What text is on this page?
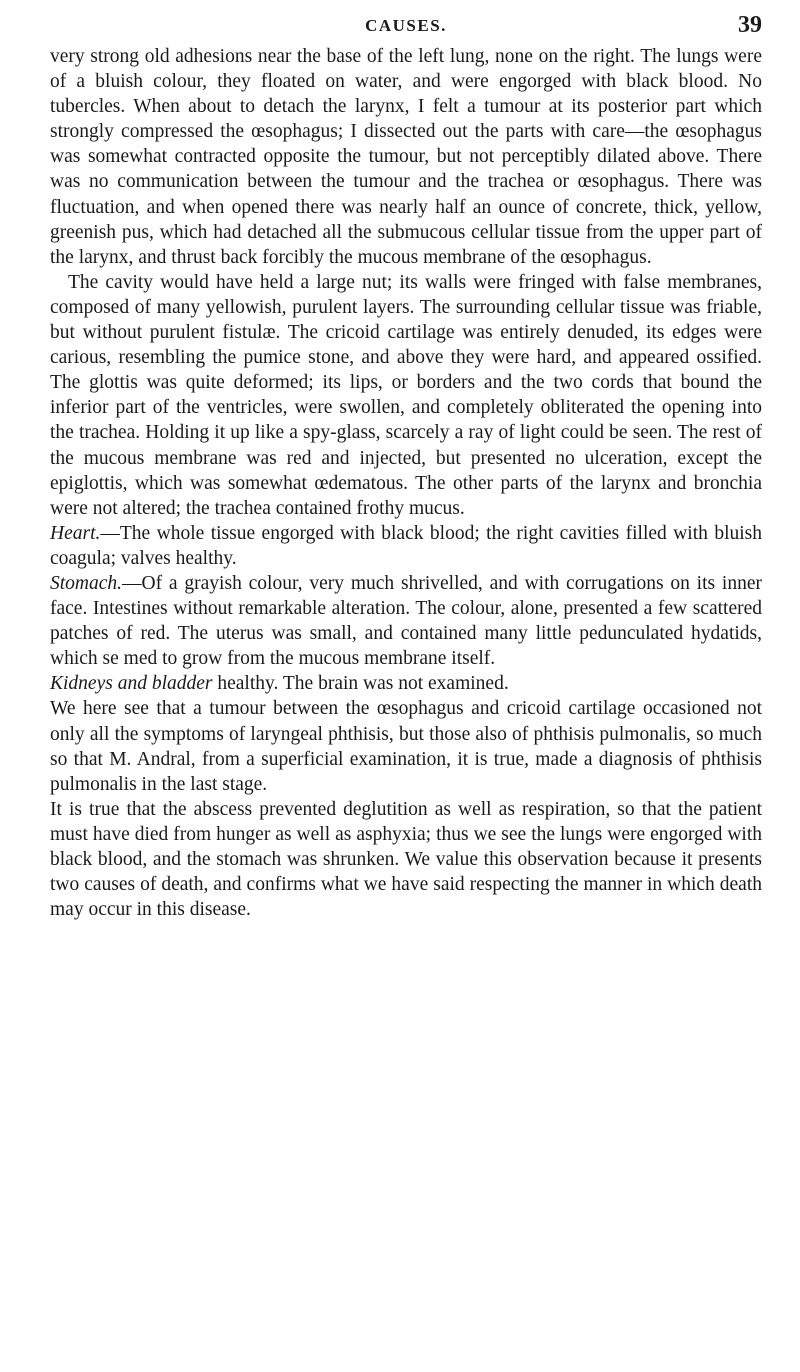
CAUSES.	39

very strong old adhesions near the base of the left lung, none on the right. The lungs were of a bluish colour, they floated on water, and were engorged with black blood. No tubercles. When about to detach the larynx, I felt a tumour at its posterior part which strongly compressed the œsophagus; I dissected out the parts with care—the œsophagus was somewhat contracted opposite the tumour, but not perceptibly dilated above. There was no communication between the tumour and the trachea or œsophagus. There was fluctuation, and when opened there was nearly half an ounce of concrete, thick, yellow, greenish pus, which had detached all the submucous cellular tissue from the upper part of the larynx, and thrust back forcibly the mucous membrane of the œsophagus.

The cavity would have held a large nut; its walls were fringed with false membranes, composed of many yellowish, purulent layers. The surrounding cellular tissue was friable, but without purulent fistulæ. The cricoid cartilage was entirely denuded, its edges were carious, resembling the pumice stone, and above they were hard, and appeared ossified. The glottis was quite deformed; its lips, or borders and the two cords that bound the inferior part of the ventricles, were swollen, and completely obliterated the opening into the trachea. Holding it up like a spy-glass, scarcely a ray of light could be seen. The rest of the mucous membrane was red and injected, but presented no ulceration, except the epiglottis, which was somewhat œdematous. The other parts of the larynx and bronchia were not altered; the trachea contained frothy mucus.

Heart.—The whole tissue engorged with black blood; the right cavities filled with bluish coagula; valves healthy.

Stomach.—Of a grayish colour, very much shrivelled, and with corrugations on its inner face. Intestines without remarkable alteration. The colour, alone, presented a few scattered patches of red. The uterus was small, and contained many little pedunculated hydatids, which se med to grow from the mucous membrane itself.

Kidneys and bladder healthy. The brain was not examined.

We here see that a tumour between the œsophagus and cricoid cartilage occasioned not only all the symptoms of laryngeal phthisis, but those also of phthisis pulmonalis, so much so that M. Andral, from a superficial examination, it is true, made a diagnosis of phthisis pulmonalis in the last stage.

It is true that the abscess prevented deglutition as well as respiration, so that the patient must have died from hunger as well as asphyxia; thus we see the lungs were engorged with black blood, and the stomach was shrunken. We value this observation because it presents two causes of death, and confirms what we have said respecting the manner in which death may occur in this disease.
